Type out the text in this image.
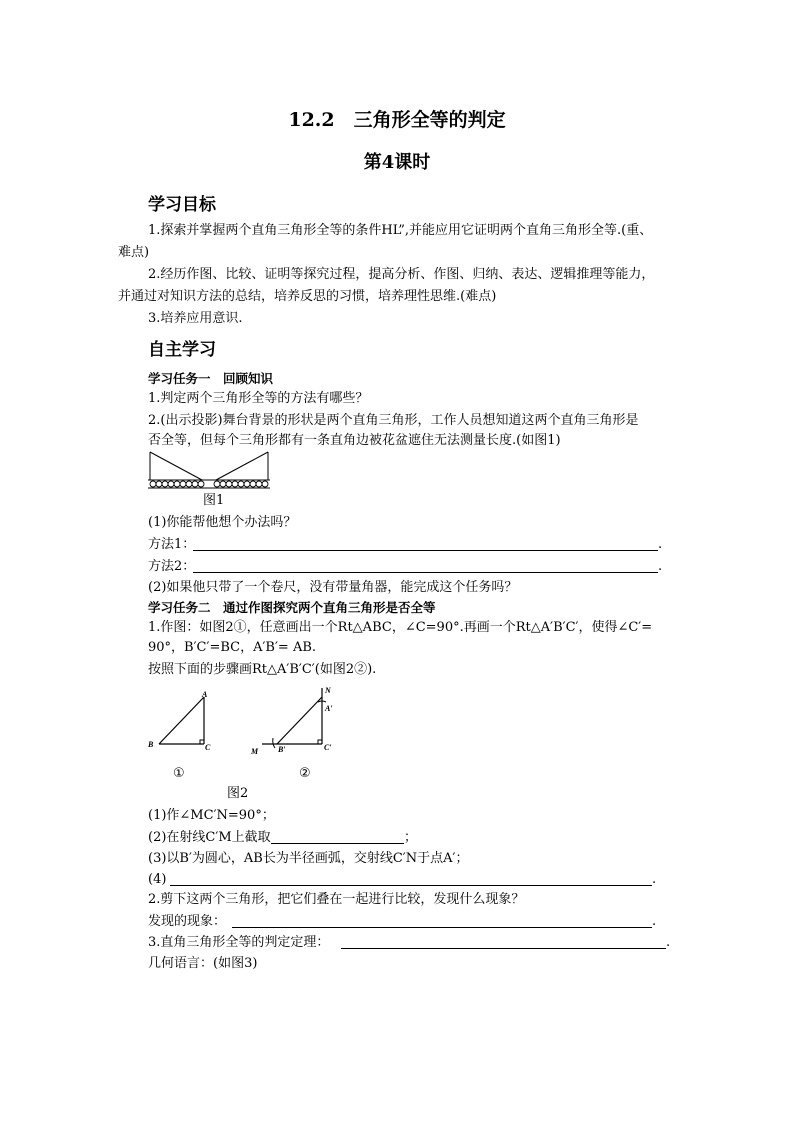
12.2　三角形全等的判定
第4课时
学习目标
1.探索并掌握两个直角三角形全等的条件HL”,并能应用它证明两个直角三角形全等.(重、
难点)
2.经历作图、比较、证明等探究过程，提高分析、作图、归纳、表达、逻辑推理等能力，
并通过对知识方法的总结，培养反思的习惯，培养理性思维.(难点)
3.培养应用意识.
自主学习
学习任务一　回顾知识
1.判定两个三角形全等的方法有哪些？
2.(出示投影)舞台背景的形状是两个直角三角形，工作人员想知道这两个直角三角形是
否全等，但每个三角形都有一条直角边被花盆遮住无法测量长度.(如图1)
图1
(1)你能帮他想个办法吗？
方法1：	.
方法2：	.
(2)如果他只带了一个卷尺，没有带量角器，能完成这个任务吗？
学习任务二　通过作图探究两个直角三角形是否全等
1.作图：如图2①，任意画出一个Rt△ABC，∠C=90°.再画一个Rt△A′B′C′，使得∠C′=
90°，B′C′=BC，A′B′= AB.
按照下面的步骤画Rt△A′B′C′(如图2②).
A
B	C
N
A′
M B′	C′
①	②
图2
(1)作∠MC′N=90°；
(2)在射线C′M上截取	；
(3)以B′为圆心，AB长为半径画弧，交射线C′N于点A′；
(4)	.
2.剪下这两个三角形，把它们叠在一起进行比较，发现什么现象？
发现的现象：	.
3.直角三角形全等的判定定理：	.
几何语言：(如图3)
